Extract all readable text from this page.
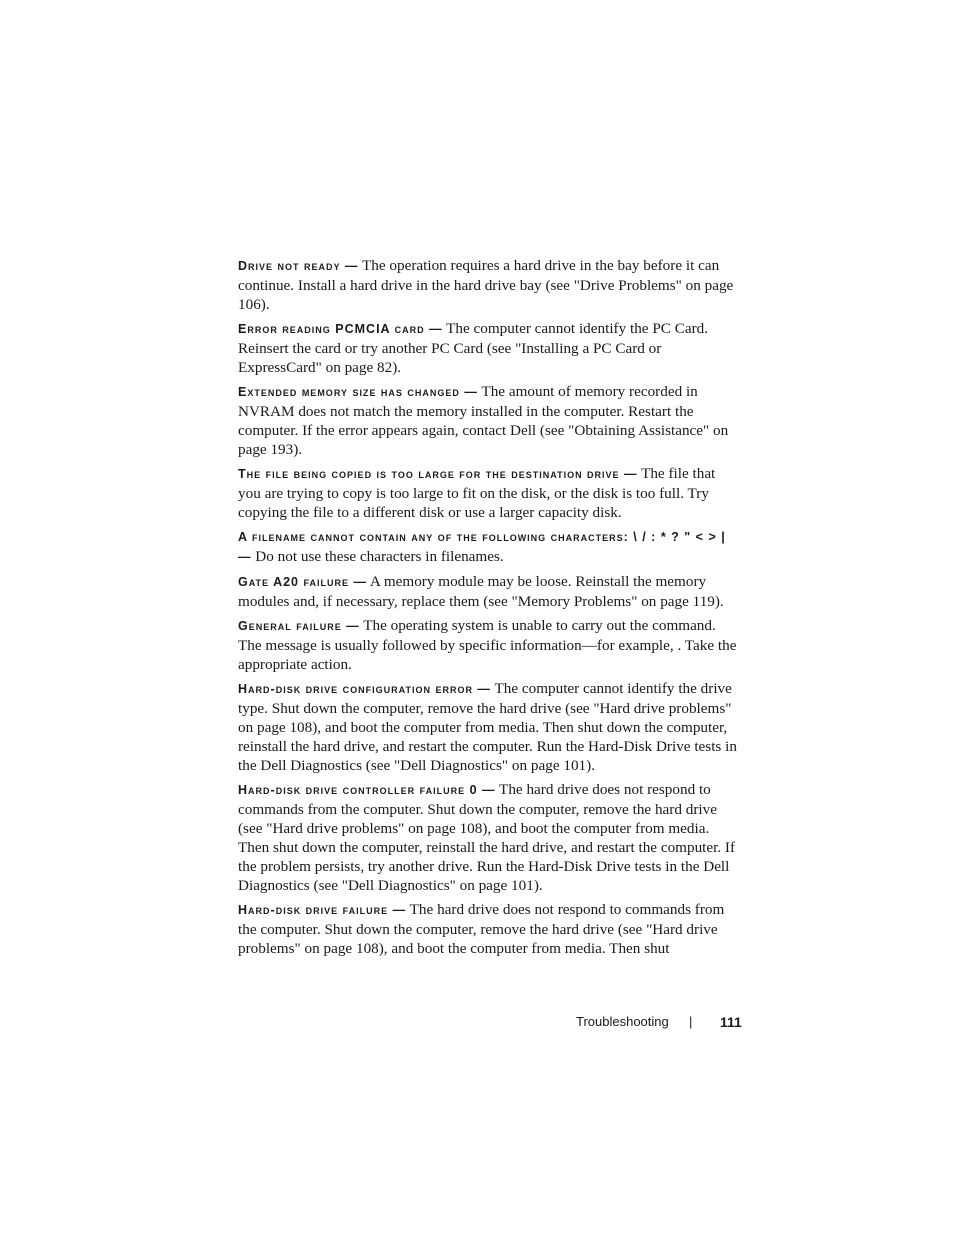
Drive not ready — The operation requires a hard drive in the bay before it can continue. Install a hard drive in the hard drive bay (see "Drive Problems" on page 106).

Error reading PCMCIA card — The computer cannot identify the PC Card. Reinsert the card or try another PC Card (see "Installing a PC Card or ExpressCard" on page 82).

Extended memory size has changed — The amount of memory recorded in NVRAM does not match the memory installed in the computer. Restart the computer. If the error appears again, contact Dell (see "Obtaining Assistance" on page 193).

The file being copied is too large for the destination drive — The file that you are trying to copy is too large to fit on the disk, or the disk is too full. Try copying the file to a different disk or use a larger capacity disk.

A filename cannot contain any of the following characters: \ / : * ? " < > | — Do not use these characters in filenames.

Gate A20 failure — A memory module may be loose. Reinstall the memory modules and, if necessary, replace them (see "Memory Problems" on page 119).

General failure — The operating system is unable to carry out the command. The message is usually followed by specific information—for example, . Take the appropriate action.

Hard-disk drive configuration error — The computer cannot identify the drive type. Shut down the computer, remove the hard drive (see "Hard drive problems" on page 108), and boot the computer from media. Then shut down the computer, reinstall the hard drive, and restart the computer. Run the Hard-Disk Drive tests in the Dell Diagnostics (see "Dell Diagnostics" on page 101).

Hard-disk drive controller failure 0 — The hard drive does not respond to commands from the computer. Shut down the computer, remove the hard drive (see "Hard drive problems" on page 108), and boot the computer from media. Then shut down the computer, reinstall the hard drive, and restart the computer. If the problem persists, try another drive. Run the Hard-Disk Drive tests in the Dell Diagnostics (see "Dell Diagnostics" on page 101).

Hard-disk drive failure — The hard drive does not respond to commands from the computer. Shut down the computer, remove the hard drive (see "Hard drive problems" on page 108), and boot the computer from media. Then shut

Troubleshooting | 111
